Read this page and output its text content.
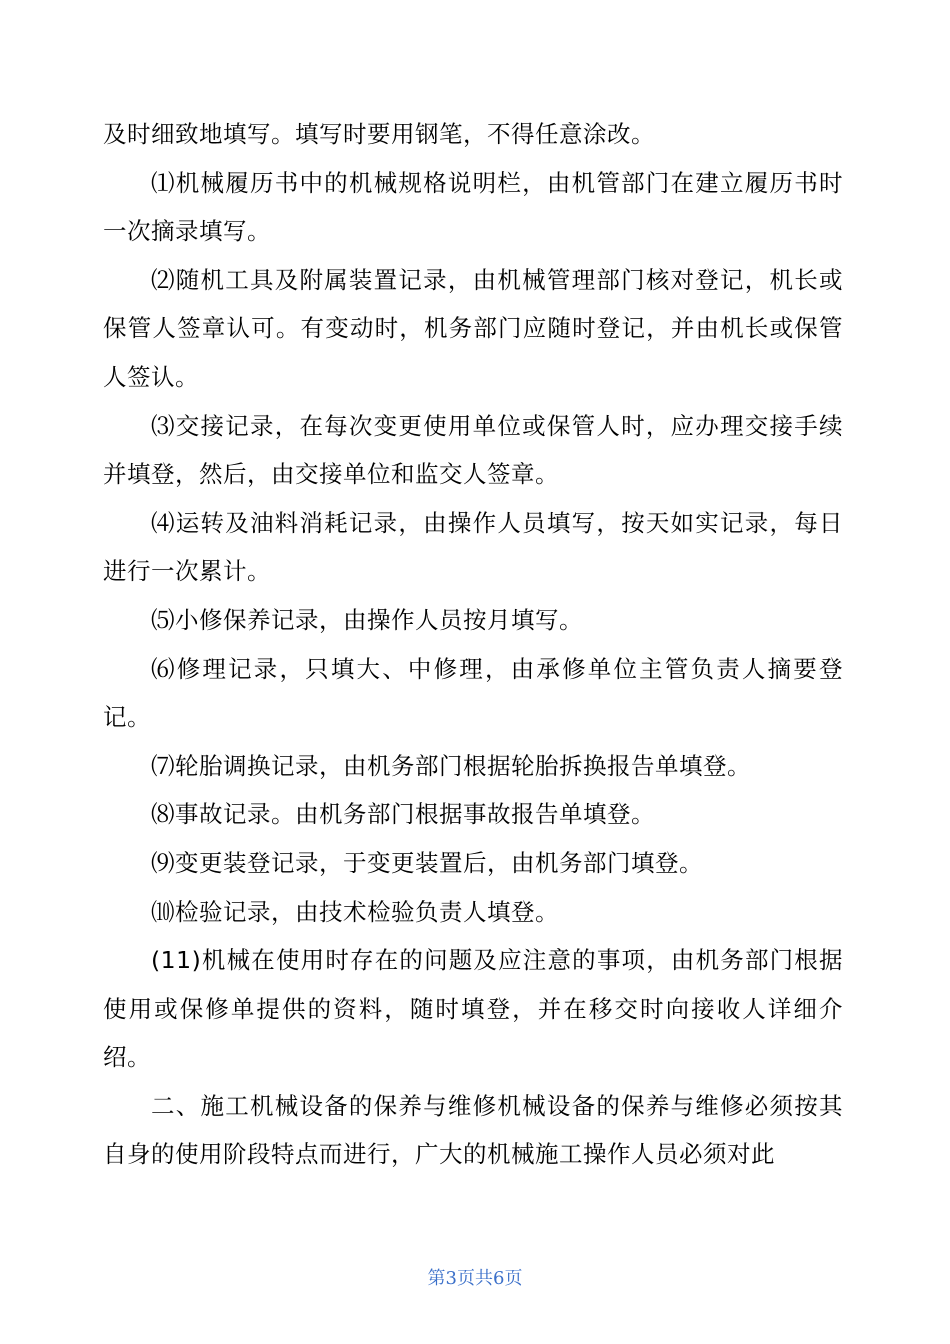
及时细致地填写。填写时要用钢笔，不得任意涂改。

⑴机械履历书中的机械规格说明栏，由机管部门在建立履历书时一次摘录填写。

⑵随机工具及附属装置记录，由机械管理部门核对登记，机长或保管人签章认可。有变动时，机务部门应随时登记，并由机长或保管人签认。

⑶交接记录，在每次变更使用单位或保管人时，应办理交接手续并填登，然后，由交接单位和监交人签章。

⑷运转及油料消耗记录，由操作人员填写，按天如实记录，每日进行一次累计。

⑸小修保养记录，由操作人员按月填写。

⑹修理记录，只填大、中修理，由承修单位主管负责人摘要登记。

⑺轮胎调换记录，由机务部门根据轮胎拆换报告单填登。

⑻事故记录。由机务部门根据事故报告单填登。

⑼变更装登记录，于变更装置后，由机务部门填登。

⑽检验记录，由技术检验负责人填登。

(11)机械在使用时存在的问题及应注意的事项，由机务部门根据使用或保修单提供的资料，随时填登，并在移交时向接收人详细介绍。

二、施工机械设备的保养与维修机械设备的保养与维修必须按其自身的使用阶段特点而进行，广大的机械施工操作人员必须对此

第3页共6页
